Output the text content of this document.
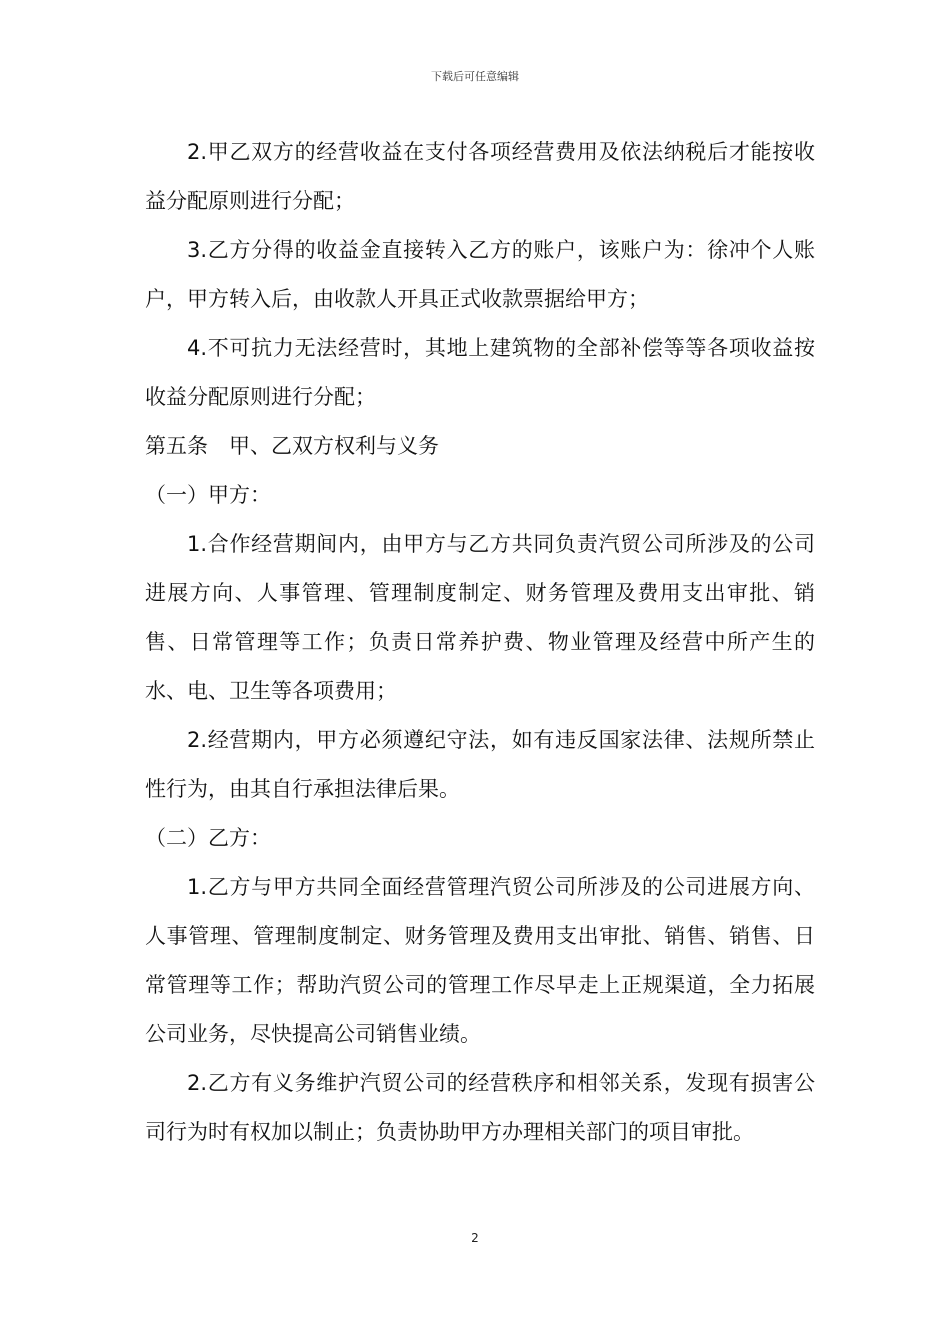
下载后可任意编辑

2.甲乙双方的经营收益在支付各项经营费用及依法纳税后才能按收益分配原则进行分配；

3.乙方分得的收益金直接转入乙方的账户，该账户为：徐冲个人账户，甲方转入后，由收款人开具正式收款票据给甲方；

4.不可抗力无法经营时，其地上建筑物的全部补偿等等各项收益按收益分配原则进行分配；

第五条　甲、乙双方权利与义务

（一）甲方：

1.合作经营期间内，由甲方与乙方共同负责汽贸公司所涉及的公司进展方向、人事管理、管理制度制定、财务管理及费用支出审批、销售、日常管理等工作；负责日常养护费、物业管理及经营中所产生的水、电、卫生等各项费用；

2.经营期内，甲方必须遵纪守法，如有违反国家法律、法规所禁止性行为，由其自行承担法律后果。

（二）乙方：

1.乙方与甲方共同全面经营管理汽贸公司所涉及的公司进展方向、人事管理、管理制度制定、财务管理及费用支出审批、销售、销售、日常管理等工作；帮助汽贸公司的管理工作尽早走上正规渠道，全力拓展公司业务，尽快提高公司销售业绩。

2.乙方有义务维护汽贸公司的经营秩序和相邻关系，发现有损害公司行为时有权加以制止；负责协助甲方办理相关部门的项目审批。

2
